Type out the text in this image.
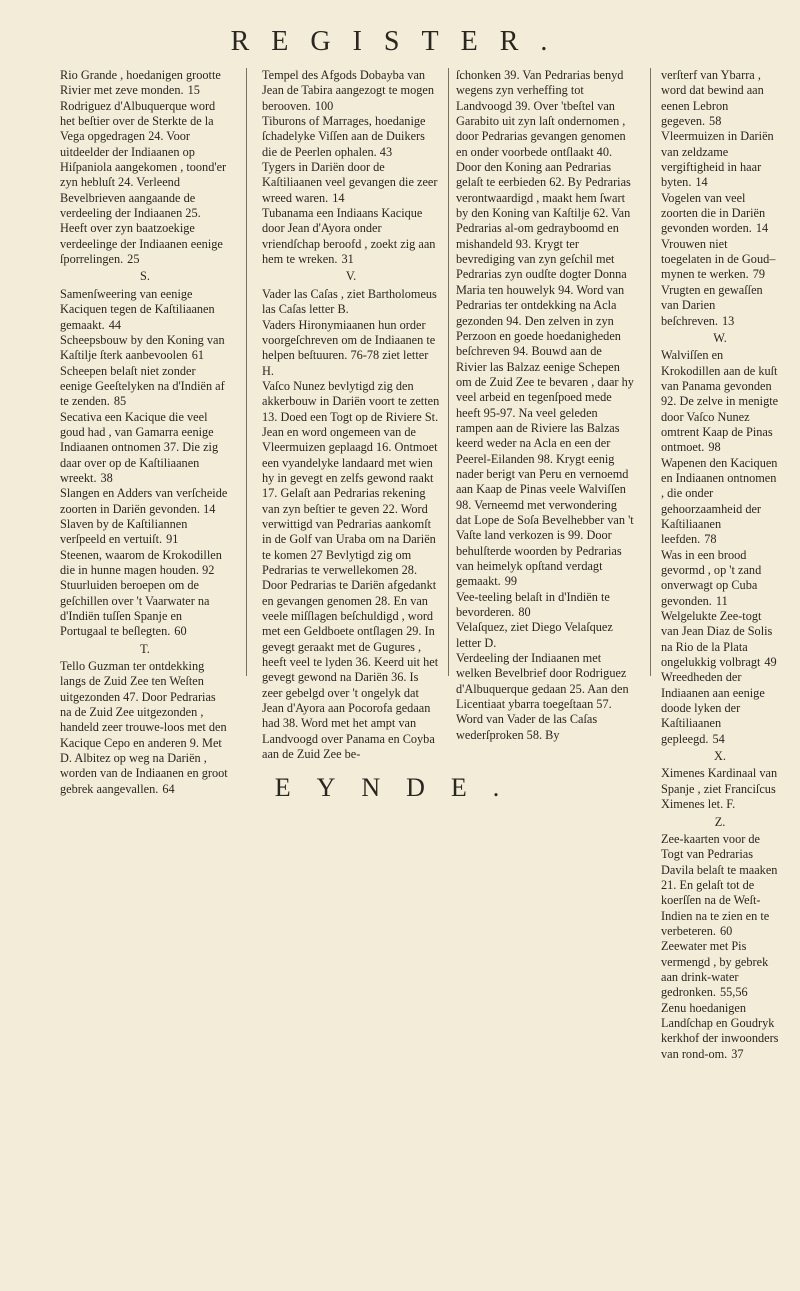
REGISTER.
Rio Grande , hoedanigen grootte Rivier met zeve monden. 15
Rodriguez d'Albuquerque word het beſtier over de Sterkte de la Vega opgedragen 24. Voor uitdeelder der Indiaanen op Hiſpaniola aangekomen , toond'er zyn hebluſt 24. Verleend Bevelbrieven aangaande de verdeeling der Indiaanen 25. Heeft over zyn baatzoekige verdeelinge der Indiaanen eenige ſporrelingen. 25
S.
Samenſweering van eenige Kaciquen tegen de Kaſtiliaanen gemaakt. 44
Scheepsbouw by den Koning van Kaſtilje ſterk aanbevoolen 61
Scheepen belaſt niet zonder eenige Geeſtelyken na d'Indiën af te zenden. 85
Secativa een Kacique die veel goud had , van Gamarra eenige Indiaanen ontnomen 37. Die zig daar over op de Kaſtiliaanen wreekt. 38
Slangen en Adders van verſcheide zoorten in Dariën gevonden. 14
Slaven by de Kaſtiliannen verſpeeld en vertuiſt. 91
Steenen, waarom de Krokodillen die in hunne magen houden. 92
Stuurluiden beroepen om de geſchillen over 't Vaarwater na d'Indiën tuſſen Spanje en Portugaal te beſlegten. 60
T.
Tello Guzman ter ontdekking langs de Zuid Zee ten Weſten uitgezonden 47. Door Pedrarias na de Zuid Zee uitgezonden , handeld zeer trouwe-loos met den Kacique Cepo en anderen 9. Met D. Albitez op weg na Dariën , worden van de Indiaanen en groot gebrek aangevallen. 64
Tempel des Afgods Dobayba van Jean de Tabira aangezogt te mogen berooven. 100
Tiburons of Marrages, hoedanige ſchadelyke Viſſen aan de Duikers die de Peerlen ophalen. 43
Tygers in Dariën door de Kaſtiliaanen veel gevangen die zeer wreed waren. 14
Tubanama een Indiaans Kacique door Jean d'Ayora onder vriendſchap beroofd , zoekt zig aan hem te wreken. 31
V.
Vader las Caſas , ziet Bartholomeus las Caſas letter B.
Vaders Hironymiaanen hun order voorgeſchreven om de Indiaanen te helpen beſtuuren. 76-78 ziet letter H.
Vaſco Nunez bevlytigd zig den akkerbouw in Dariën voort te zetten 13. Doed een Togt op de Riviere St. Jean en word ongemeen van de Vleermuizen geplaagd 16. Ontmoet een vyandelyke landaard met wien hy in gevegt en zelfs gewond raakt 17. Gelaſt aan Pedrarias rekening van zyn beſtier te geven 22. Word verwittigd van Pedrarias aankomſt in de Golf van Uraba om na Dariën te komen 27 Bevlytigd zig om Pedrarias te verwellekomen 28. Door Pedrarias te Dariën afgedankt en gevangen genomen 28. En van veele miſſlagen beſchuldigd , word met een Geldboete ontſlagen 29. In gevegt geraakt met de Gugures , heeft veel te lyden 36. Keerd uit het gevegt gewond na Dariën 36. Is zeer gebelgd over 't ongelyk dat Jean d'Ayora aan Pocorofa gedaan had 38. Word met het ampt van Landvoogd over Panama en Coyba aan de Zuid Zee be-
ſchonken 39. Van Pedrarias benyd wegens zyn verheffing tot Landvoogd 39. Over 'tbeſtel van Garabito uit zyn laſt ondernomen , door Pedrarias gevangen genomen en onder voorbede ontſlaakt 40. Door den Koning aan Pedrarias gelaſt te eerbieden 62. By Pedrarias verontwaardigd , maakt hem ſwart by den Koning van Kaſtilje 62. Van Pedrarias al-om gedrayboomd en mishandeld 93. Krygt ter bevrediging van zyn geſchil met Pedrarias zyn oudſte dogter Donna Maria ten houwelyk 94. Word van Pedrarias ter ontdekking na Acla gezonden 94. Den zelven in zyn Perzoon en goede hoedanigheden beſchreven 94. Bouwd aan de Rivier las Balzaz eenige Schepen om de Zuid Zee te bevaren , daar hy veel arbeid en tegenſpoed mede heeft 95-97. Na veel geleden rampen aan de Riviere las Balzas keerd weder na Acla en een der Peerel-Eilanden 98. Krygt eenig nader berigt van Peru en vernoemd aan Kaap de Pinas veele Walviſſen 98. Verneemd met verwondering dat Lope de Soſa Bevelhebber van 't Vaſte land verkozen is 99. Door behulſterde woorden by Pedrarias van heimelyk opſtand verdagt gemaakt. 99
Vee-teeling belaſt in d'Indiën te bevorderen. 80
Velaſquez, ziet Diego Velaſquez letter D.
Verdeeling der Indiaanen met welken Bevelbrief door Rodriguez d'Albuquerque gedaan 25. Aan den Licentiaat ybarra toegeſtaan 57. Word van Vader de las Caſas wederſproken 58. By
verſterf van Ybarra , word dat bewind aan eenen Lebron gegeven. 58
Vleermuizen in Dariën van zeldzame vergiftigheid in haar byten. 14
Vogelen van veel zoorten die in Dariën gevonden worden. 14
Vrouwen niet toegelaten in de Goud–mynen te werken. 79
Vrugten en gewaſſen van Darien beſchreven. 13
W.
Walviſſen en Krokodillen aan de kuſt van Panama gevonden 92. De zelve in menigte door Vaſco Nunez omtrent Kaap de Pinas ontmoet. 98
Wapenen den Kaciquen en Indiaanen ontnomen , die onder gehoorzaamheid der Kaſtiliaanen leefden. 78
Was in een brood gevormd , op 't zand onverwagt op Cuba gevonden. 11
Welgelukte Zee-togt van Jean Diaz de Solis na Rio de la Plata ongelukkig volbragt 49
Wreedheden der Indiaanen aan eenige doode lyken der Kaſtiliaanen gepleegd. 54
X.
Ximenes Kardinaal van Spanje , ziet Franciſcus Ximenes let. F.
Z.
Zee-kaarten voor de Togt van Pedrarias Davila belaſt te maaken 21. En gelaſt tot de koerſſen na de Weſt-Indien na te zien en te verbeteren. 60
Zeewater met Pis vermengd , by gebrek aan drink-water gedronken. 55,56
Zenu hoedanigen Landſchap en Goudryk kerkhof der inwoonders van rond-om. 37
EYNDE.
